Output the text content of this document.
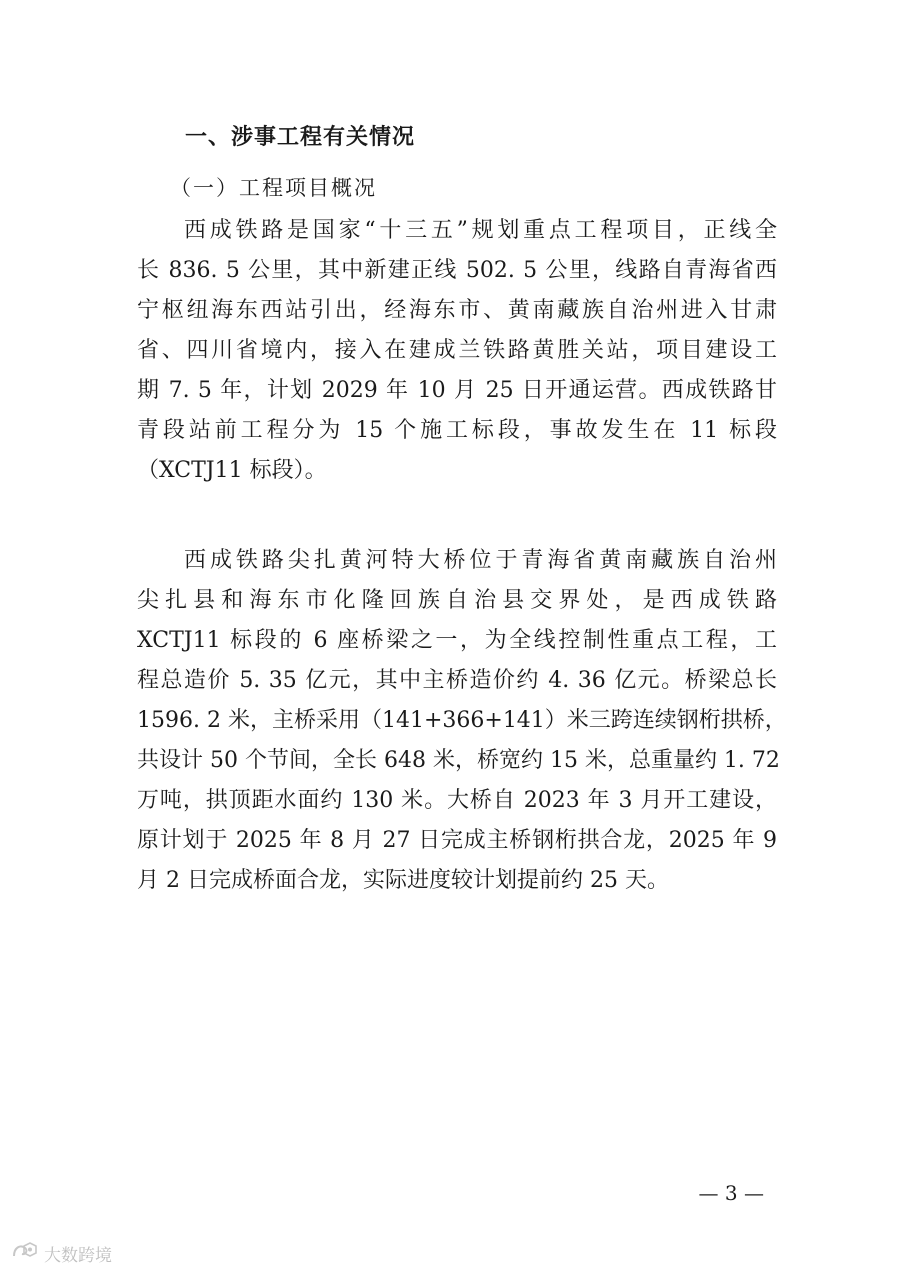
一、涉事工程有关情况
（一）工程项目概况
西成铁路是国家“十三五”规划重点工程项目，正线全
长 836. 5 公里，其中新建正线 502. 5 公里，线路自青海省西
宁枢纽海东西站引出，经海东市、黄南藏族自治州进入甘肃
省、四川省境内，接入在建成兰铁路黄胜关站，项目建设工
期 7. 5 年，计划 2029 年 10 月 25 日开通运营。西成铁路甘
青段站前工程分为 15 个施工标段，事故发生在 11 标段
（XCTJ11 标段）。
西成铁路尖扎黄河特大桥位于青海省黄南藏族自治州
尖扎县和海东市化隆回族自治县交界处，是西成铁路
XCTJ11 标段的 6 座桥梁之一，为全线控制性重点工程，工
程总造价 5. 35 亿元，其中主桥造价约 4. 36 亿元。桥梁总长
1596. 2 米，主桥采用（141+366+141）米三跨连续钢桁拱桥，
共设计 50 个节间，全长 648 米，桥宽约 15 米，总重量约 1. 72
万吨，拱顶距水面约 130 米。大桥自 2023 年 3 月开工建设，
原计划于 2025 年 8 月 27 日完成主桥钢桁拱合龙，2025 年 9
月 2 日完成桥面合龙，实际进度较计划提前约 25 天。
— 3 —
大数跨境
